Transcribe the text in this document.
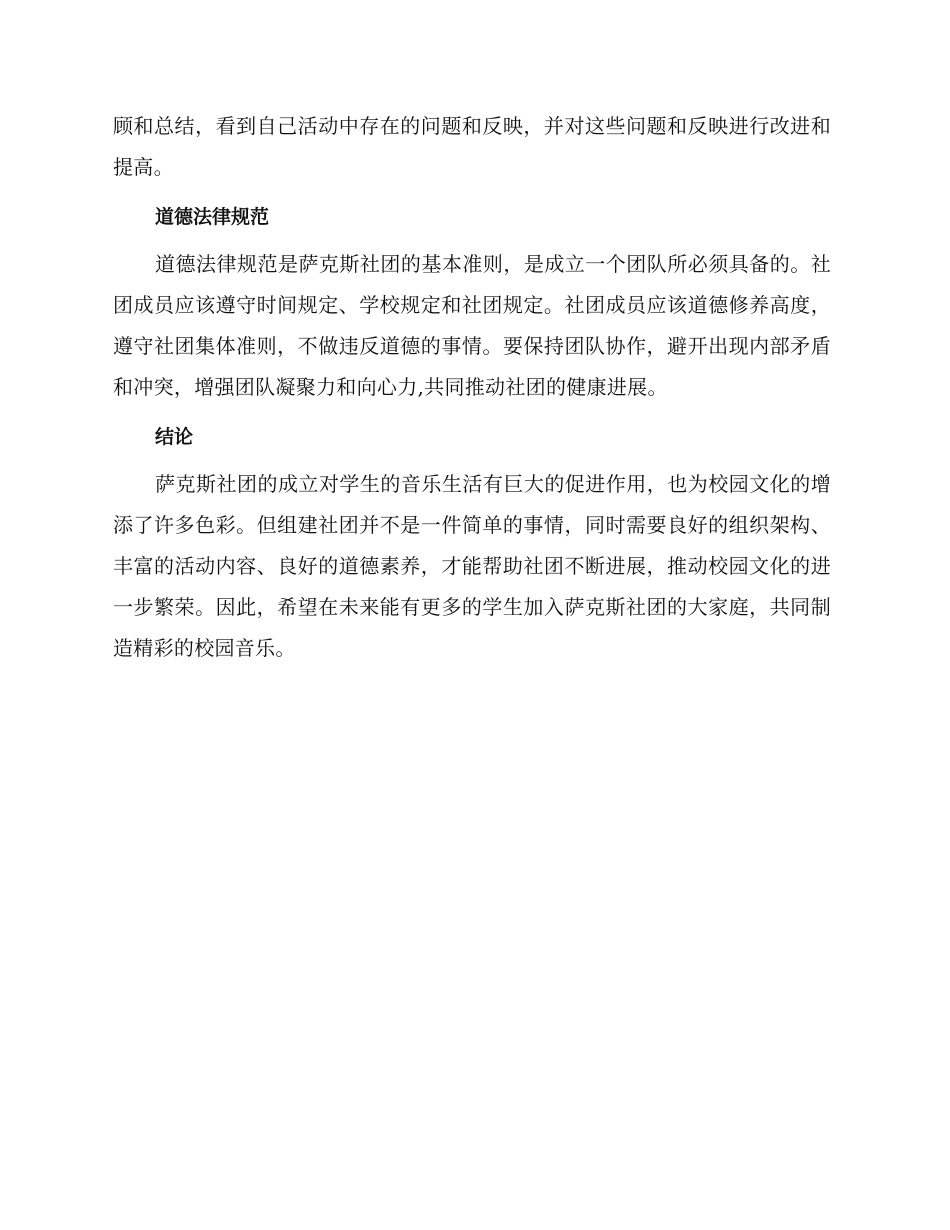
顾和总结，看到自己活动中存在的问题和反映，并对这些问题和反映进行改进和提高。

道德法律规范

道德法律规范是萨克斯社团的基本准则，是成立一个团队所必须具备的。社团成员应该遵守时间规定、学校规定和社团规定。社团成员应该道德修养高度，遵守社团集体准则，不做违反道德的事情。要保持团队协作，避开出现内部矛盾和冲突，增强团队凝聚力和向心力,共同推动社团的健康进展。

结论

萨克斯社团的成立对学生的音乐生活有巨大的促进作用，也为校园文化的增添了许多色彩。但组建社团并不是一件简单的事情，同时需要良好的组织架构、丰富的活动内容、良好的道德素养，才能帮助社团不断进展，推动校园文化的进一步繁荣。因此，希望在未来能有更多的学生加入萨克斯社团的大家庭，共同制造精彩的校园音乐。
